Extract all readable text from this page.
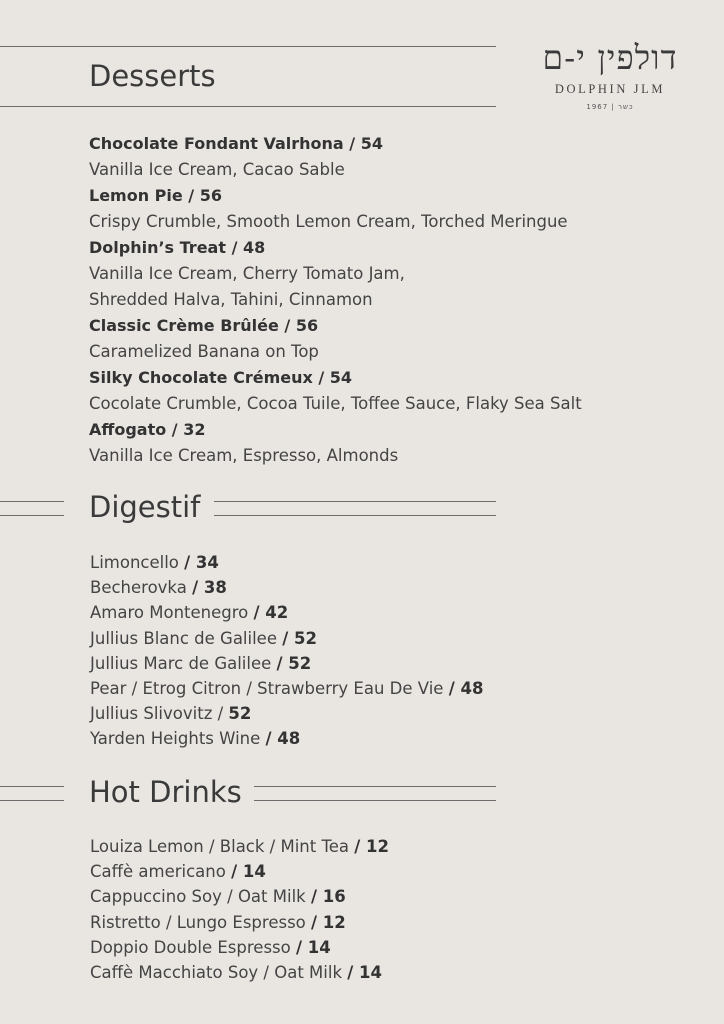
Desserts	דולפין י-ם
DOLPHIN JLM
כשר | 1967
Chocolate Fondant Valrhona / 54
Vanilla Ice Cream, Cacao Sable
Lemon Pie / 56
Crispy Crumble, Smooth Lemon Cream, Torched Meringue
Dolphin’s Treat / 48
Vanilla Ice Cream, Cherry Tomato Jam,
Shredded Halva, Tahini, Cinnamon
Classic Crème Brûlée / 56
Caramelized Banana on Top
Silky Chocolate Crémeux / 54
Cocolate Crumble, Cocoa Tuile, Toffee Sauce, Flaky Sea Salt
Affogato / 32
Vanilla Ice Cream, Espresso, Almonds
Digestif
Limoncello / 34
Becherovka / 38
Amaro Montenegro / 42
Jullius Blanc de Galilee / 52
Jullius Marc de Galilee / 52
Pear / Etrog Citron / Strawberry Eau De Vie / 48
Jullius Slivovitz / 52
Yarden Heights Wine / 48
Hot Drinks
Louiza Lemon / Black / Mint Tea / 12
Caffè americano / 14
Cappuccino Soy / Oat Milk / 16
Ristretto / Lungo Espresso / 12
Doppio Double Espresso / 14
Caffè Macchiato Soy / Oat Milk / 14
